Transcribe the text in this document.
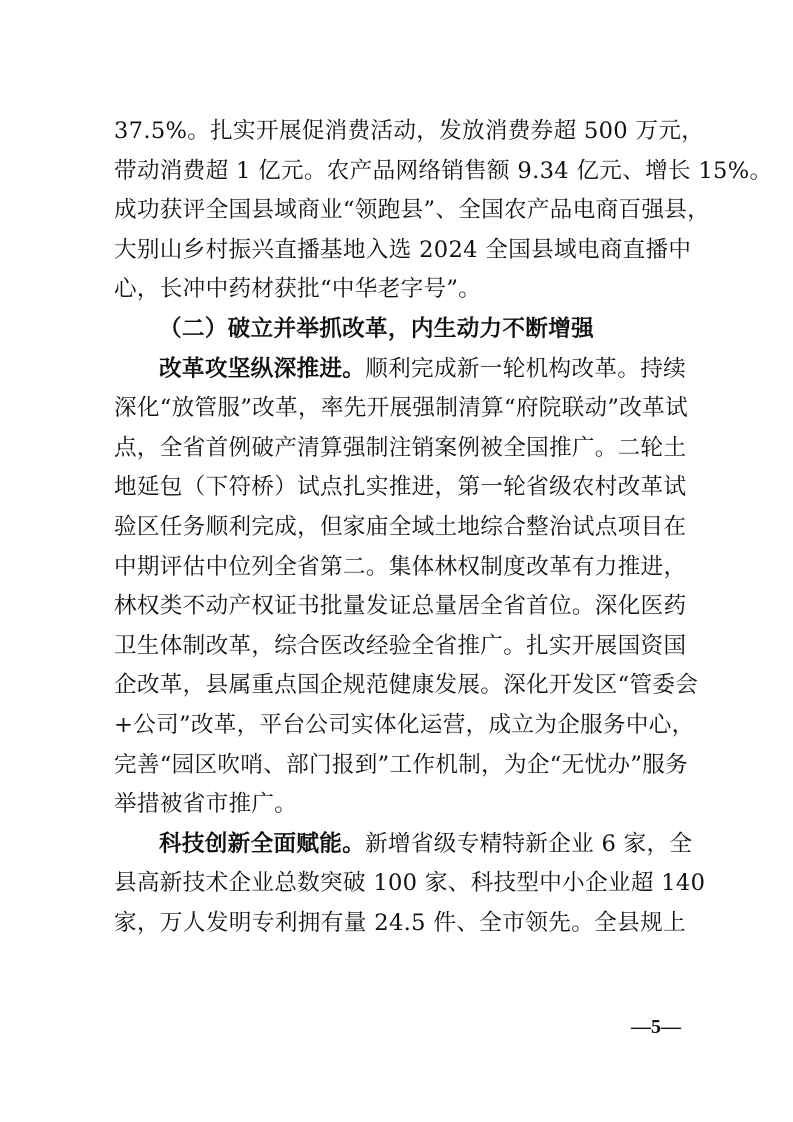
37.5%。扎实开展促消费活动，发放消费券超 500 万元，
带动消费超 1 亿元。农产品网络销售额 9.34 亿元、增长 15%。
成功获评全国县域商业“领跑县”、全国农产品电商百强县，
大别山乡村振兴直播基地入选 2024 全国县域电商直播中
心，长冲中药材获批“中华老字号”。
（二）破立并举抓改革，内生动力不断增强
改革攻坚纵深推进。顺利完成新一轮机构改革。持续
深化“放管服”改革，率先开展强制清算“府院联动”改革试
点，全省首例破产清算强制注销案例被全国推广。二轮土
地延包（下符桥）试点扎实推进，第一轮省级农村改革试
验区任务顺利完成，但家庙全域土地综合整治试点项目在
中期评估中位列全省第二。集体林权制度改革有力推进，
林权类不动产权证书批量发证总量居全省首位。深化医药
卫生体制改革，综合医改经验全省推广。扎实开展国资国
企改革，县属重点国企规范健康发展。深化开发区“管委会
+公司”改革，平台公司实体化运营，成立为企服务中心，
完善“园区吹哨、部门报到”工作机制，为企“无忧办”服务
举措被省市推广。
科技创新全面赋能。新增省级专精特新企业 6 家，全
县高新技术企业总数突破 100 家、科技型中小企业超 140
家，万人发明专利拥有量 24.5 件、全市领先。全县规上
—5—
